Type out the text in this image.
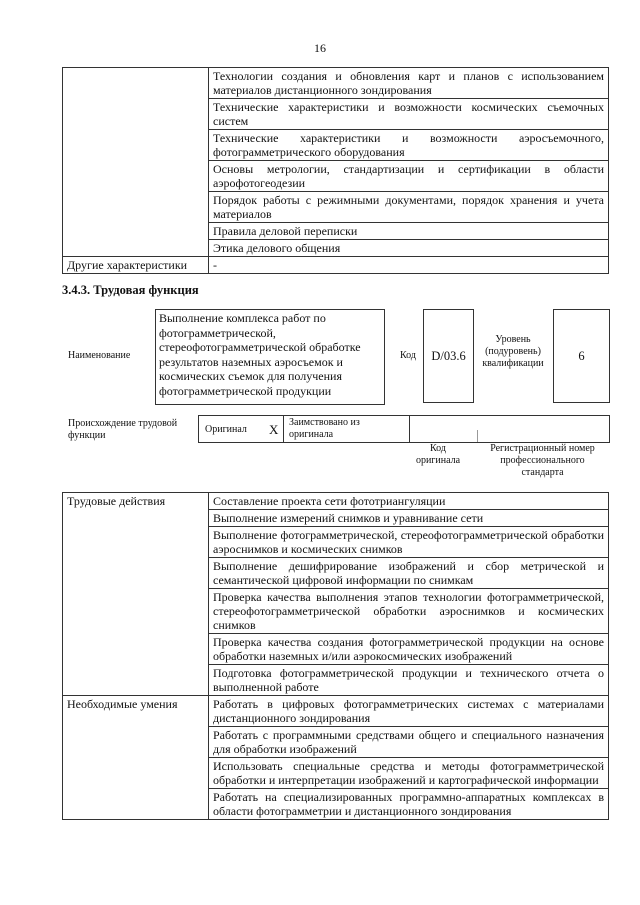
16
	Технологии создания и обновления карт и планов с использованием материалов дистанционного зондирования
	Технические характеристики и возможности космических съемочных систем
	Технические характеристики и возможности аэросъемочного, фотограмметрического оборудования
	Основы метрологии, стандартизации и сертификации в области аэрофотогеодезии
	Порядок работы с режимными документами, порядок хранения и учета материалов
	Правила деловой переписки
	Этика делового общения
Другие характеристики	-
3.4.3. Трудовая функция
Наименование
Выполнение комплекса работ по фотограмметрической, стереофотограмметрической обработке результатов наземных аэросъемок и космических съемок для получения фотограмметрической продукции
Код	D/03.6
Уровень (подуровень) квалификации
6
Происхождение трудовой функции
Оригинал X Заимствовано из оригинала
Код оригинала
Регистрационный номер профессионального стандарта
Трудовые действия	Составление проекта сети фототриангуляции
	Выполнение измерений снимков и уравнивание сети
	Выполнение фотограмметрической, стереофотограмметрической обработки аэроснимков и космических снимков
	Выполнение дешифрирование изображений и сбор метрической и семантической цифровой информации по снимкам
	Проверка качества выполнения этапов технологии фотограмметрической, стереофотограмметрической обработки аэроснимков и космических снимков
	Проверка качества создания фотограмметрической продукции на основе обработки наземных и/или аэрокосмических изображений
	Подготовка фотограмметрической продукции и технического отчета о выполненной работе
Необходимые умения	Работать в цифровых фотограмметрических системах с материалами дистанционного зондирования
	Работать с программными средствами общего и специального назначения для обработки изображений
	Использовать специальные средства и методы фотограмметрической обработки и интерпретации изображений и картографической информации
	Работать на специализированных программно-аппаратных комплексах в области фотограмметрии и дистанционного зондирования
